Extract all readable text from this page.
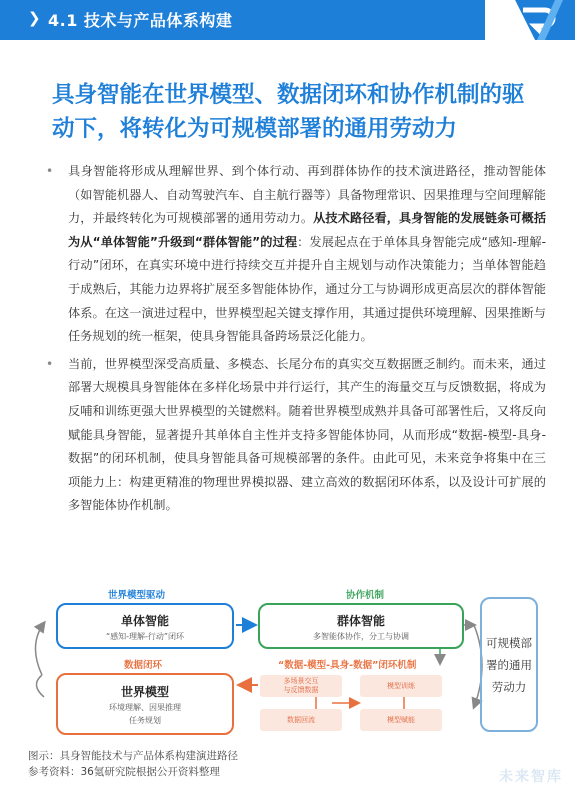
❯ 4.1 技术与产品体系构建
具身智能在世界模型、数据闭环和协作机制的驱动下，将转化为可规模部署的通用劳动力
• 具身智能将形成从理解世界、到个体行动、再到群体协作的技术演进路径，推动智能体（如智能机器人、自动驾驶汽车、自主航行器等）具备物理常识、因果推理与空间理解能力，并最终转化为可规模部署的通用劳动力。从技术路径看，具身智能的发展链条可概括为从“单体智能”升级到“群体智能”的过程：发展起点在于单体具身智能完成“感知-理解-行动”闭环，在真实环境中进行持续交互并提升自主规划与动作决策能力；当单体智能趋于成熟后，其能力边界将扩展至多智能体协作，通过分工与协调形成更高层次的群体智能体系。在这一演进过程中，世界模型起关键支撑作用，其通过提供环境理解、因果推断与任务规划的统一框架，使具身智能具备跨场景泛化能力。
• 当前，世界模型深受高质量、多模态、长尾分布的真实交互数据匮乏制约。而未来，通过部署大规模具身智能体在多样化场景中并行运行，其产生的海量交互与反馈数据，将成为反哺和训练更强大世界模型的关键燃料。随着世界模型成熟并具备可部署性后，又将反向赋能具身智能，显著提升其单体自主性并支持多智能体协同，从而形成“数据-模型-具身-数据”的闭环机制，使具身智能具备可规模部署的条件。由此可见，未来竞争将集中在三项能力上：构建更精准的物理世界模拟器、建立高效的数据闭环体系，以及设计可扩展的多智能体协作机制。
世界模型驱动	协作机制
单体智能
“感知-理解-行动”闭环
群体智能
多智能体协作，分工与协调
数据闭环	“数据-模型-具身-数据”闭环机制
世界模型
环境理解、因果推理
任务规划
多场景交互
与反馈数据
模型训练
数据回流	模型赋能
可规模部署的通用劳动力
图示：具身智能技术与产品体系构建演进路径
参考资料：36氪研究院根据公开资料整理	未来智库
